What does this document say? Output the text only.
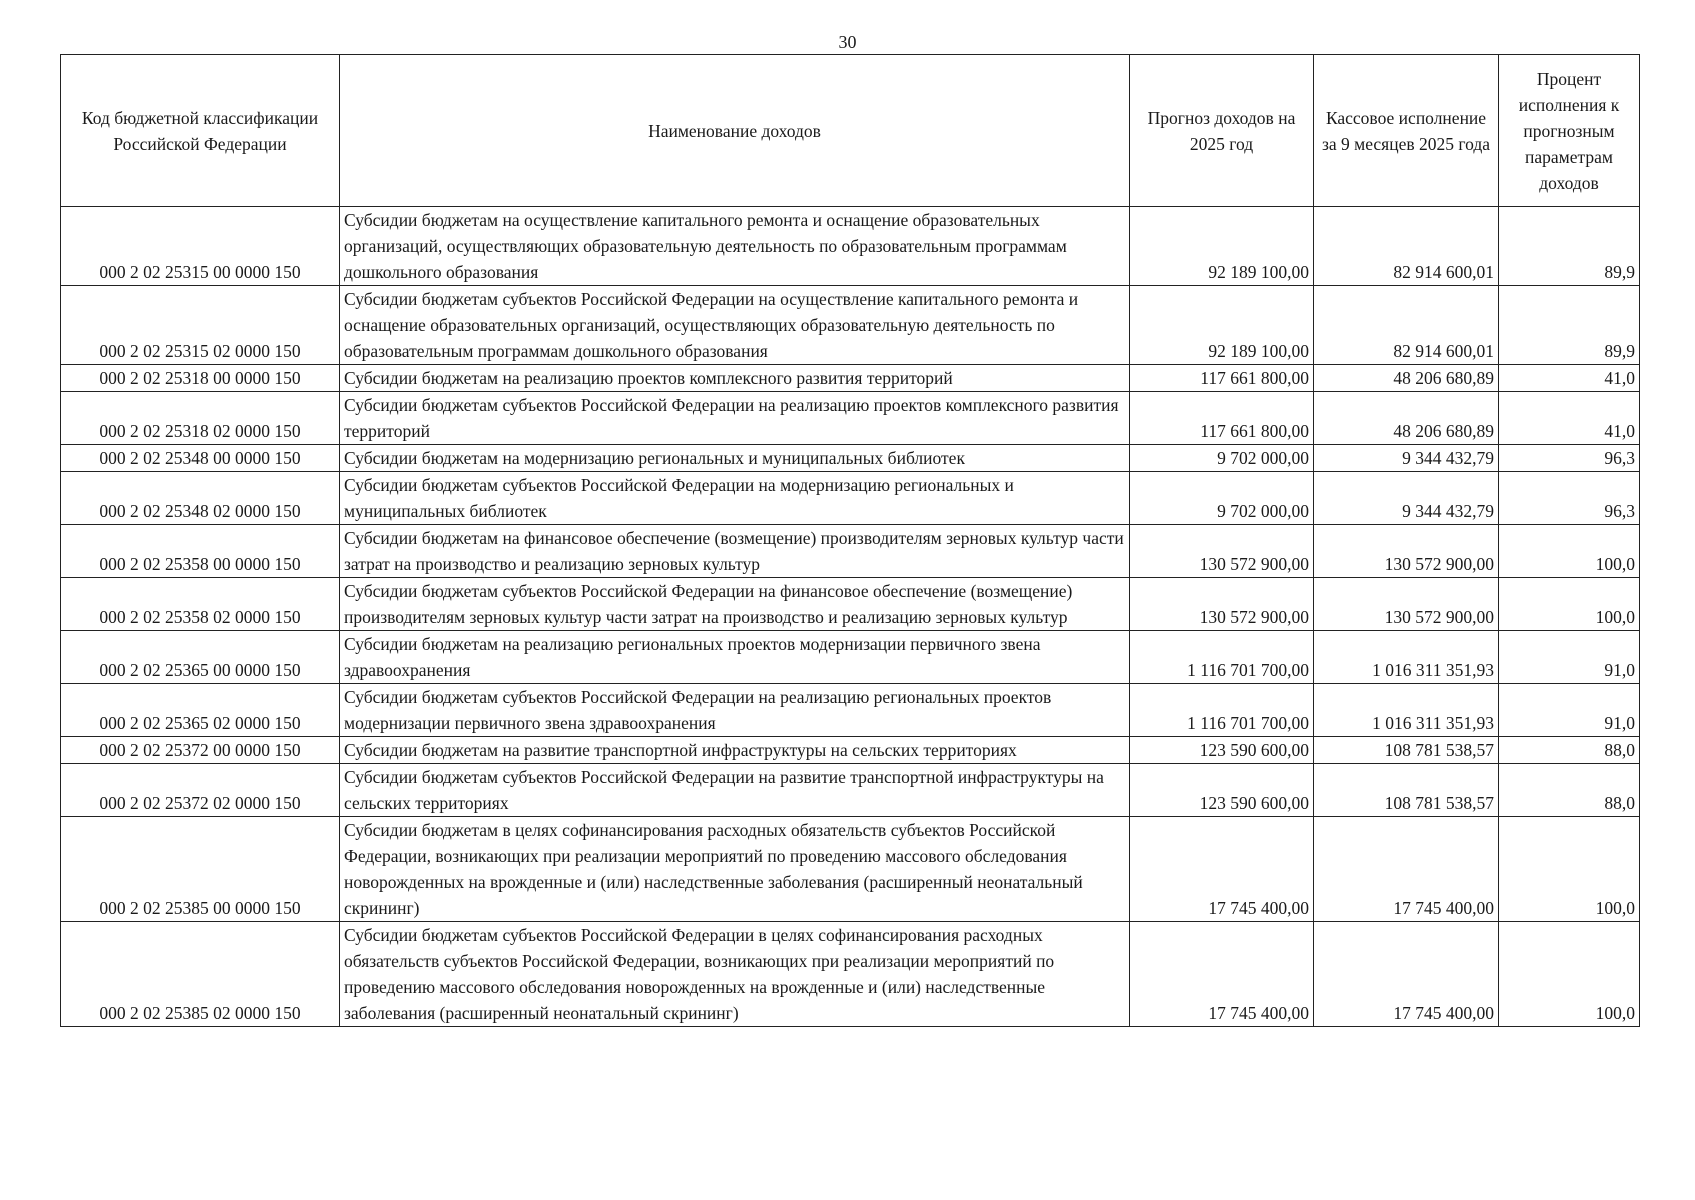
30
Код бюджетной классификации Российской Федерации	Наименование доходов	Прогноз доходов на 2025 год	Кассовое исполнение за 9 месяцев 2025 года	Процент исполнения к прогнозным параметрам доходов
000 2 02 25315 00 0000 150	Субсидии бюджетам на осуществление капитального ремонта и оснащение образовательных организаций, осуществляющих образовательную деятельность по образовательным программам дошкольного образования	92 189 100,00	82 914 600,01	89,9
000 2 02 25315 02 0000 150	Субсидии бюджетам субъектов Российской Федерации на осуществление капитального ремонта и оснащение образовательных организаций, осуществляющих образовательную деятельность по образовательным программам дошкольного образования	92 189 100,00	82 914 600,01	89,9
000 2 02 25318 00 0000 150	Субсидии бюджетам на реализацию проектов комплексного развития территорий	117 661 800,00	48 206 680,89	41,0
000 2 02 25318 02 0000 150	Субсидии бюджетам субъектов Российской Федерации на реализацию проектов комплексного развития территорий	117 661 800,00	48 206 680,89	41,0
000 2 02 25348 00 0000 150	Субсидии бюджетам на модернизацию региональных и муниципальных библиотек	9 702 000,00	9 344 432,79	96,3
000 2 02 25348 02 0000 150	Субсидии бюджетам субъектов Российской Федерации на модернизацию региональных и муниципальных библиотек	9 702 000,00	9 344 432,79	96,3
000 2 02 25358 00 0000 150	Субсидии бюджетам на финансовое обеспечение (возмещение) производителям зерновых культур части затрат на производство и реализацию зерновых культур	130 572 900,00	130 572 900,00	100,0
000 2 02 25358 02 0000 150	Субсидии бюджетам субъектов Российской Федерации на финансовое обеспечение (возмещение) производителям зерновых культур части затрат на производство и реализацию зерновых культур	130 572 900,00	130 572 900,00	100,0
000 2 02 25365 00 0000 150	Субсидии бюджетам на реализацию региональных проектов модернизации первичного звена здравоохранения	1 116 701 700,00	1 016 311 351,93	91,0
000 2 02 25365 02 0000 150	Субсидии бюджетам субъектов Российской Федерации на реализацию региональных проектов модернизации первичного звена здравоохранения	1 116 701 700,00	1 016 311 351,93	91,0
000 2 02 25372 00 0000 150	Субсидии бюджетам на развитие транспортной инфраструктуры на сельских территориях	123 590 600,00	108 781 538,57	88,0
000 2 02 25372 02 0000 150	Субсидии бюджетам субъектов Российской Федерации на развитие транспортной инфраструктуры на сельских территориях	123 590 600,00	108 781 538,57	88,0
000 2 02 25385 00 0000 150	Субсидии бюджетам в целях софинансирования расходных обязательств субъектов Российской Федерации, возникающих при реализации мероприятий по проведению массового обследования новорожденных на врожденные и (или) наследственные заболевания (расширенный неонатальный скрининг)	17 745 400,00	17 745 400,00	100,0
000 2 02 25385 02 0000 150	Субсидии бюджетам субъектов Российской Федерации в целях софинансирования расходных обязательств субъектов Российской Федерации, возникающих при реализации мероприятий по проведению массового обследования новорожденных на врожденные и (или) наследственные заболевания (расширенный неонатальный скрининг)	17 745 400,00	17 745 400,00	100,0
